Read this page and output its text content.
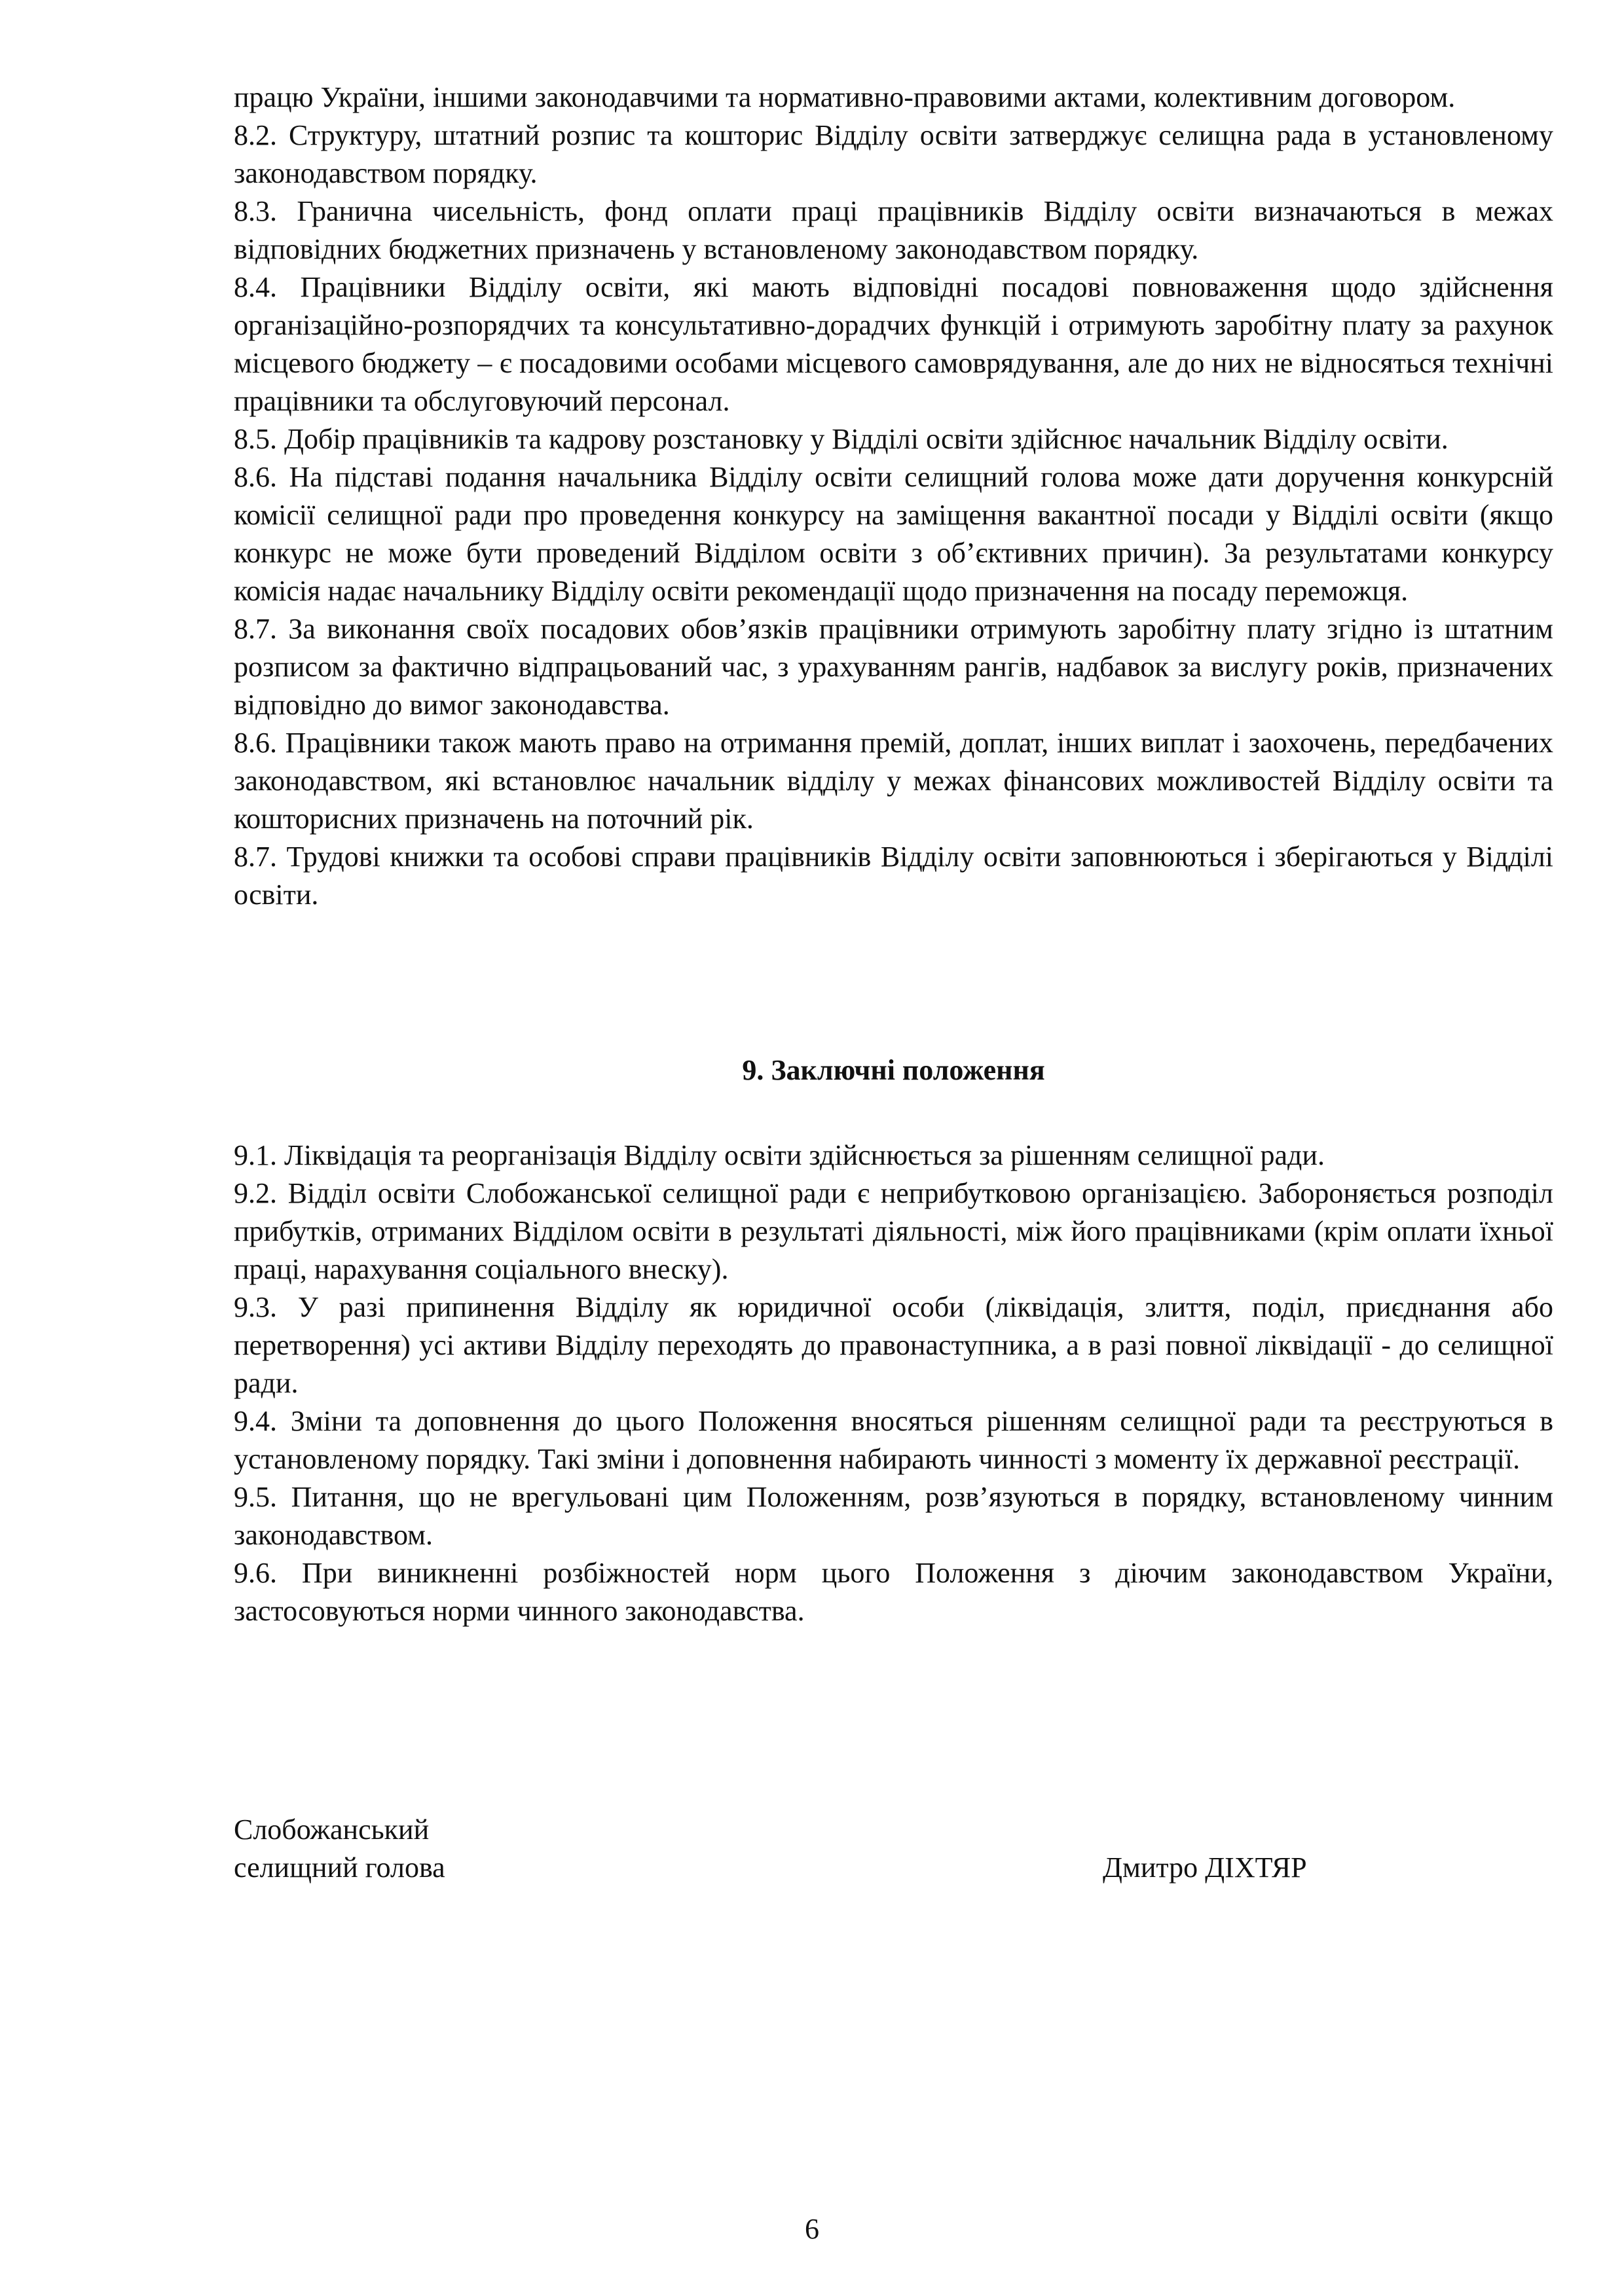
працю України, іншими законодавчими та нормативно-правовими актами, колективним договором.

8.2. Структуру, штатний розпис та кошторис Відділу освіти затверджує селищна рада в установленому законодавством порядку.

8.3. Гранична чисельність, фонд оплати праці працівників Відділу освіти визначаються в межах відповідних бюджетних призначень у встановленому законодавством порядку.

8.4. Працівники Відділу освіти, які мають відповідні посадові повноваження щодо здійснення організаційно-розпорядчих та консультативно-дорадчих функцій і отримують заробітну плату за рахунок місцевого бюджету – є посадовими особами місцевого самоврядування, але до них не відносяться технічні працівники та обслуговуючий персонал.

8.5. Добір працівників та кадрову розстановку у Відділі освіти здійснює начальник Відділу освіти.

8.6. На підставі подання начальника Відділу освіти селищний голова може дати доручення конкурсній комісії селищної ради про проведення конкурсу на заміщення вакантної посади у Відділі освіти (якщо конкурс не може бути проведений Відділом освіти з об’єктивних причин). За результатами конкурсу комісія надає начальнику Відділу освіти рекомендації щодо призначення на посаду переможця.

8.7. За виконання своїх посадових обов’язків працівники отримують заробітну плату згідно із штатним розписом за фактично відпрацьований час, з урахуванням рангів, надбавок за вислугу років, призначених відповідно до вимог законодавства.

8.6. Працівники також мають право на отримання премій, доплат, інших виплат і заохочень, передбачених законодавством, які встановлює начальник відділу у межах фінансових можливостей Відділу освіти та кошторисних призначень на поточний рік.

8.7. Трудові книжки та особові справи працівників Відділу освіти заповнюються і зберігаються у Відділі освіти.

9. Заключні положення

9.1. Ліквідація та реорганізація Відділу освіти здійснюється за рішенням селищної ради.

9.2. Відділ освіти Слобожанської селищної ради є неприбутковою організацією. Забороняється розподіл прибутків, отриманих Відділом освіти в результаті діяльності, між його працівниками (крім оплати їхньої праці, нарахування соціального внеску).

9.3. У разі припинення Відділу як юридичної особи (ліквідація, злиття, поділ, приєднання або перетворення) усі активи Відділу переходять до правонаступника, а в разі повної ліквідації - до селищної ради.

9.4. Зміни та доповнення до цього Положення вносяться рішенням селищної ради та реєструються в установленому порядку. Такі зміни і доповнення набирають чинності з моменту їх державної реєстрації.

9.5. Питання, що не врегульовані цим Положенням, розв’язуються в порядку, встановленому чинним законодавством.

9.6. При виникненні розбіжностей норм цього Положення з діючим законодавством України, застосовуються норми чинного законодавства.

Слобожанський
селищний голова	Дмитро ДІХТЯР
6
